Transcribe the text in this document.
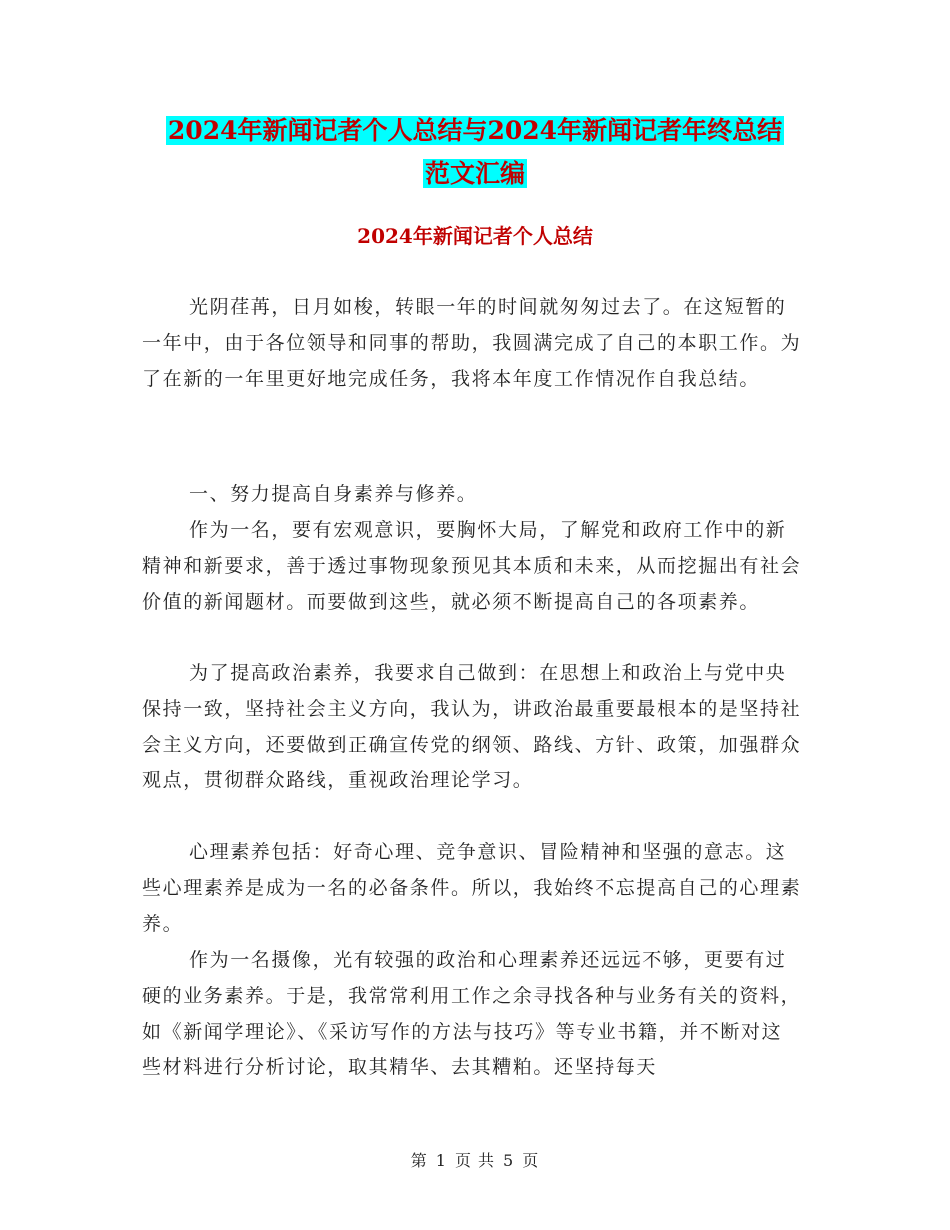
2024年新闻记者个人总结与2024年新闻记者年终总结
范文汇编
2024年新闻记者个人总结

光阴荏苒，日月如梭，转眼一年的时间就匆匆过去了。在这短暂的一年中，由于各位领导和同事的帮助，我圆满完成了自己的本职工作。为了在新的一年里更好地完成任务，我将本年度工作情况作自我总结。

一、努力提高自身素养与修养。

作为一名，要有宏观意识，要胸怀大局，了解党和政府工作中的新精神和新要求，善于透过事物现象预见其本质和未来，从而挖掘出有社会价值的新闻题材。而要做到这些，就必须不断提高自己的各项素养。

为了提高政治素养，我要求自己做到：在思想上和政治上与党中央保持一致，坚持社会主义方向，我认为，讲政治最重要最根本的是坚持社会主义方向，还要做到正确宣传党的纲领、路线、方针、政策，加强群众观点，贯彻群众路线，重视政治理论学习。

心理素养包括：好奇心理、竞争意识、冒险精神和坚强的意志。这些心理素养是成为一名的必备条件。所以，我始终不忘提高自己的心理素养。

作为一名摄像，光有较强的政治和心理素养还远远不够，更要有过硬的业务素养。于是，我常常利用工作之余寻找各种与业务有关的资料，如《新闻学理论》、《采访写作的方法与技巧》等专业书籍，并不断对这些材料进行分析讨论，取其精华、去其糟粕。还坚持每天

第 1 页 共 5 页
